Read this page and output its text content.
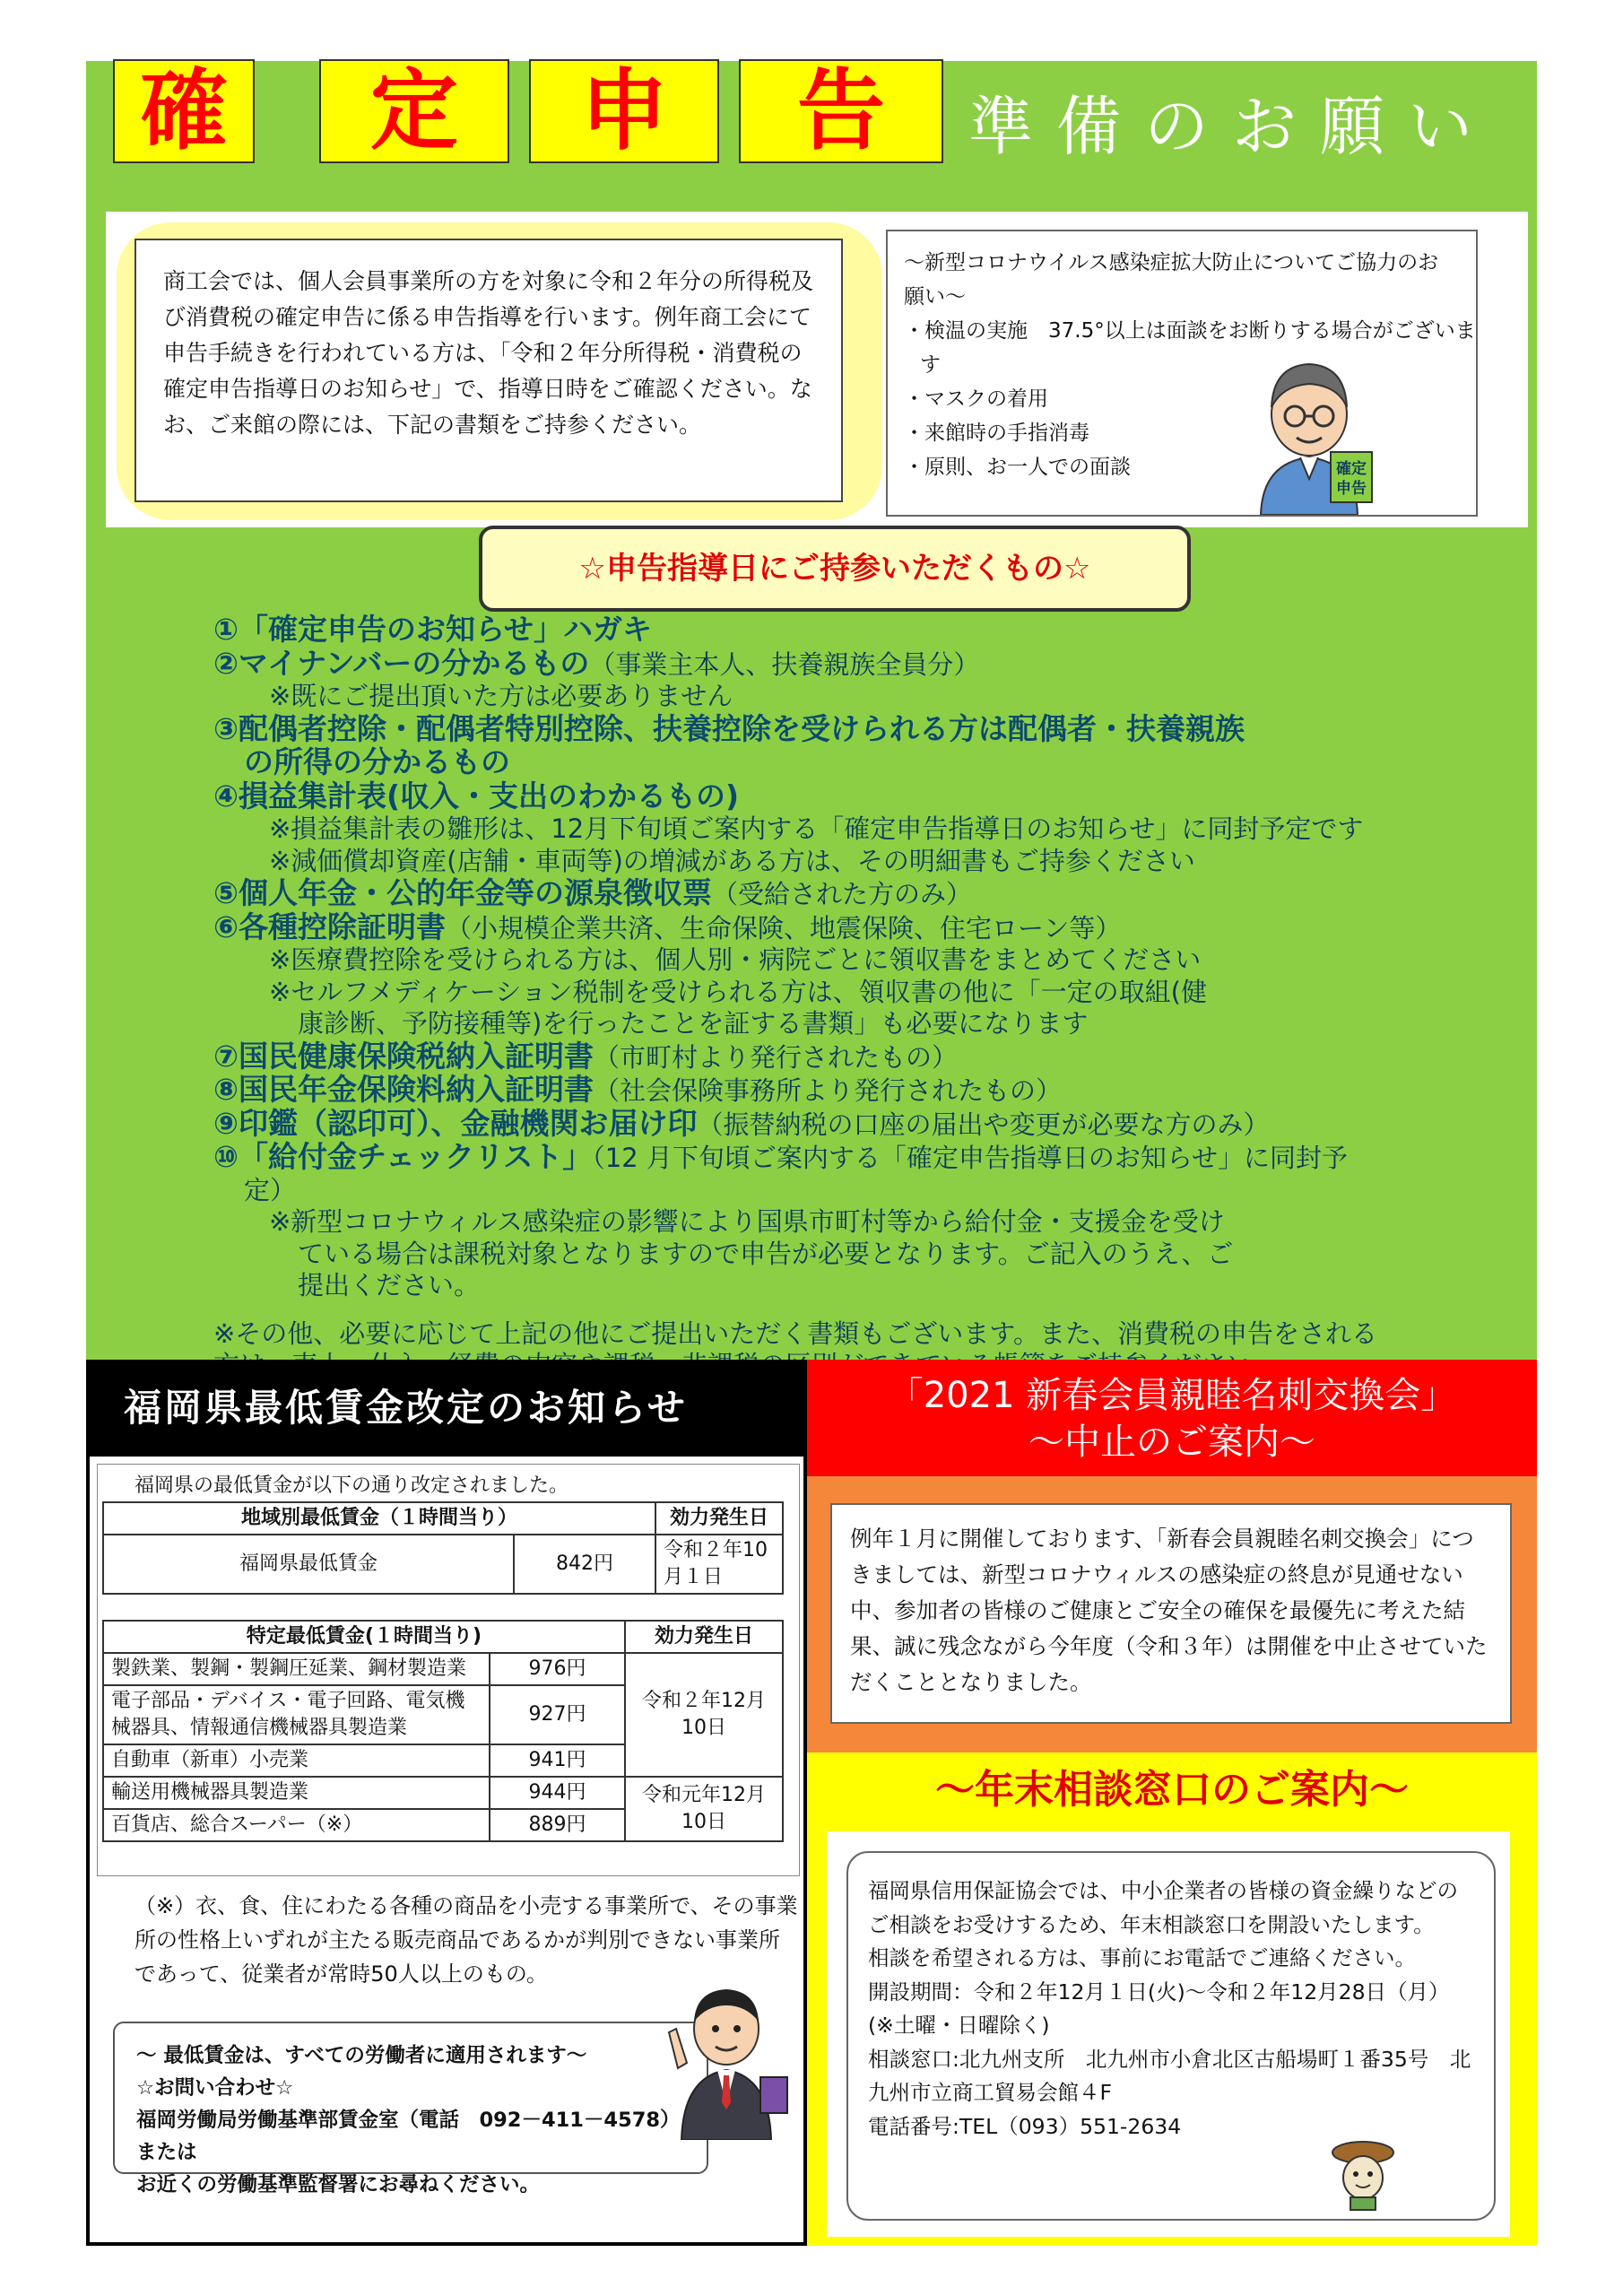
確	定	申	告	準備のお願い
商工会では、個人会員事業所の方を対象に令和２年分の所得税及び消費税の確定申告に係る申告指導を行います。例年商工会にて申告手続きを行われている方は、「令和２年分所得税・消費税の確定申告指導日のお知らせ」で、指導日時をご確認ください。なお、ご来館の際には、下記の書類をご持参ください。
～新型コロナウイルス感染症拡大防止についてご協力のお願い～
・検温の実施　37.5°以上は面談をお断りする場合がございます
・マスクの着用
・来館時の手指消毒
・原則、お一人での面談	確定
申告
☆申告指導日にご持参いただくもの☆
①「確定申告のお知らせ」ハガキ
②マイナンバーの分かるもの（事業主本人、扶養親族全員分）
※既にご提出頂いた方は必要ありません
③配偶者控除・配偶者特別控除、扶養控除を受けられる方は配偶者・扶養親族
の所得の分かるもの
④損益集計表(収入・支出のわかるもの)
※損益集計表の雛形は、12月下旬頃ご案内する「確定申告指導日のお知らせ」に同封予定です
※減価償却資産(店舗・車両等)の増減がある方は、その明細書もご持参ください
⑤個人年金・公的年金等の源泉徴収票（受給された方のみ）
⑥各種控除証明書（小規模企業共済、生命保険、地震保険、住宅ローン等）
※医療費控除を受けられる方は、個人別・病院ごとに領収書をまとめてください
※セルフメディケーション税制を受けられる方は、領収書の他に「一定の取組(健
康診断、予防接種等)を行ったことを証する書類」も必要になります
⑦国民健康保険税納入証明書（市町村より発行されたもの）
⑧国民年金保険料納入証明書（社会保険事務所より発行されたもの）
⑨印鑑（認印可）、金融機関お届け印（振替納税の口座の届出や変更が必要な方のみ）
⑩「給付金チェックリスト」（12 月下旬頃ご案内する「確定申告指導日のお知らせ」に同封予
定）
※新型コロナウィルス感染症の影響により国県市町村等から給付金・支援金を受け
ている場合は課税対象となりますので申告が必要となります。ご記入のうえ、ご
提出ください。
※その他、必要に応じて上記の他にご提出いただく書類もございます。また、消費税の申告をされる
福岡県最低賃金改定のお知らせ
福岡県の最低賃金が以下の通り改定されました。
地域別最低賃金（１時間当り）		効力発生日
福岡県最低賃金	842円	令和２年10月１日
特定最低賃金(１時間当り)		効力発生日
製鉄業、製鋼・製鋼圧延業、鋼材製造業	976円	令和２年12月10日
電子部品・デバイス・電子回路、電気機械器具、情報通信機械器具製造業	927円	
自動車（新車）小売業	941円	
輸送用機械器具製造業	944円	令和元年12月10日
百貨店、総合スーパー（※）	889円	
（※）衣、食、住にわたる各種の商品を小売する事業所で、その事業所の性格上いずれが主たる販売商品であるかが判別できない事業所であって、従業者が常時50人以上のもの。
～ 最低賃金は、すべての労働者に適用されます～
☆お問い合わせ☆
福岡労働局労働基準部賃金室（電話　092－411－4578）または
お近くの労働基準監督署にお尋ねください。
「2021 新春会員親睦名刺交換会」
～中止のご案内～
例年１月に開催しております、「新春会員親睦名刺交換会」につきましては、新型コロナウィルスの感染症の終息が見通せない中、参加者の皆様のご健康とご安全の確保を最優先に考えた結果、誠に残念ながら今年度（令和３年）は開催を中止させていただくこととなりました。
～年末相談窓口のご案内～
福岡県信用保証協会では、中小企業者の皆様の資金繰りなどのご相談をお受けするため、年末相談窓口を開設いたします。
相談を希望される方は、事前にお電話でご連絡ください。
開設期間：令和２年12月１日(火)～令和２年12月28日（月）(※土曜・日曜除く)
相談窓口:北九州支所　北九州市小倉北区古船場町１番35号　北九州市立商工貿易会館４F
電話番号:TEL（093）551-2634
